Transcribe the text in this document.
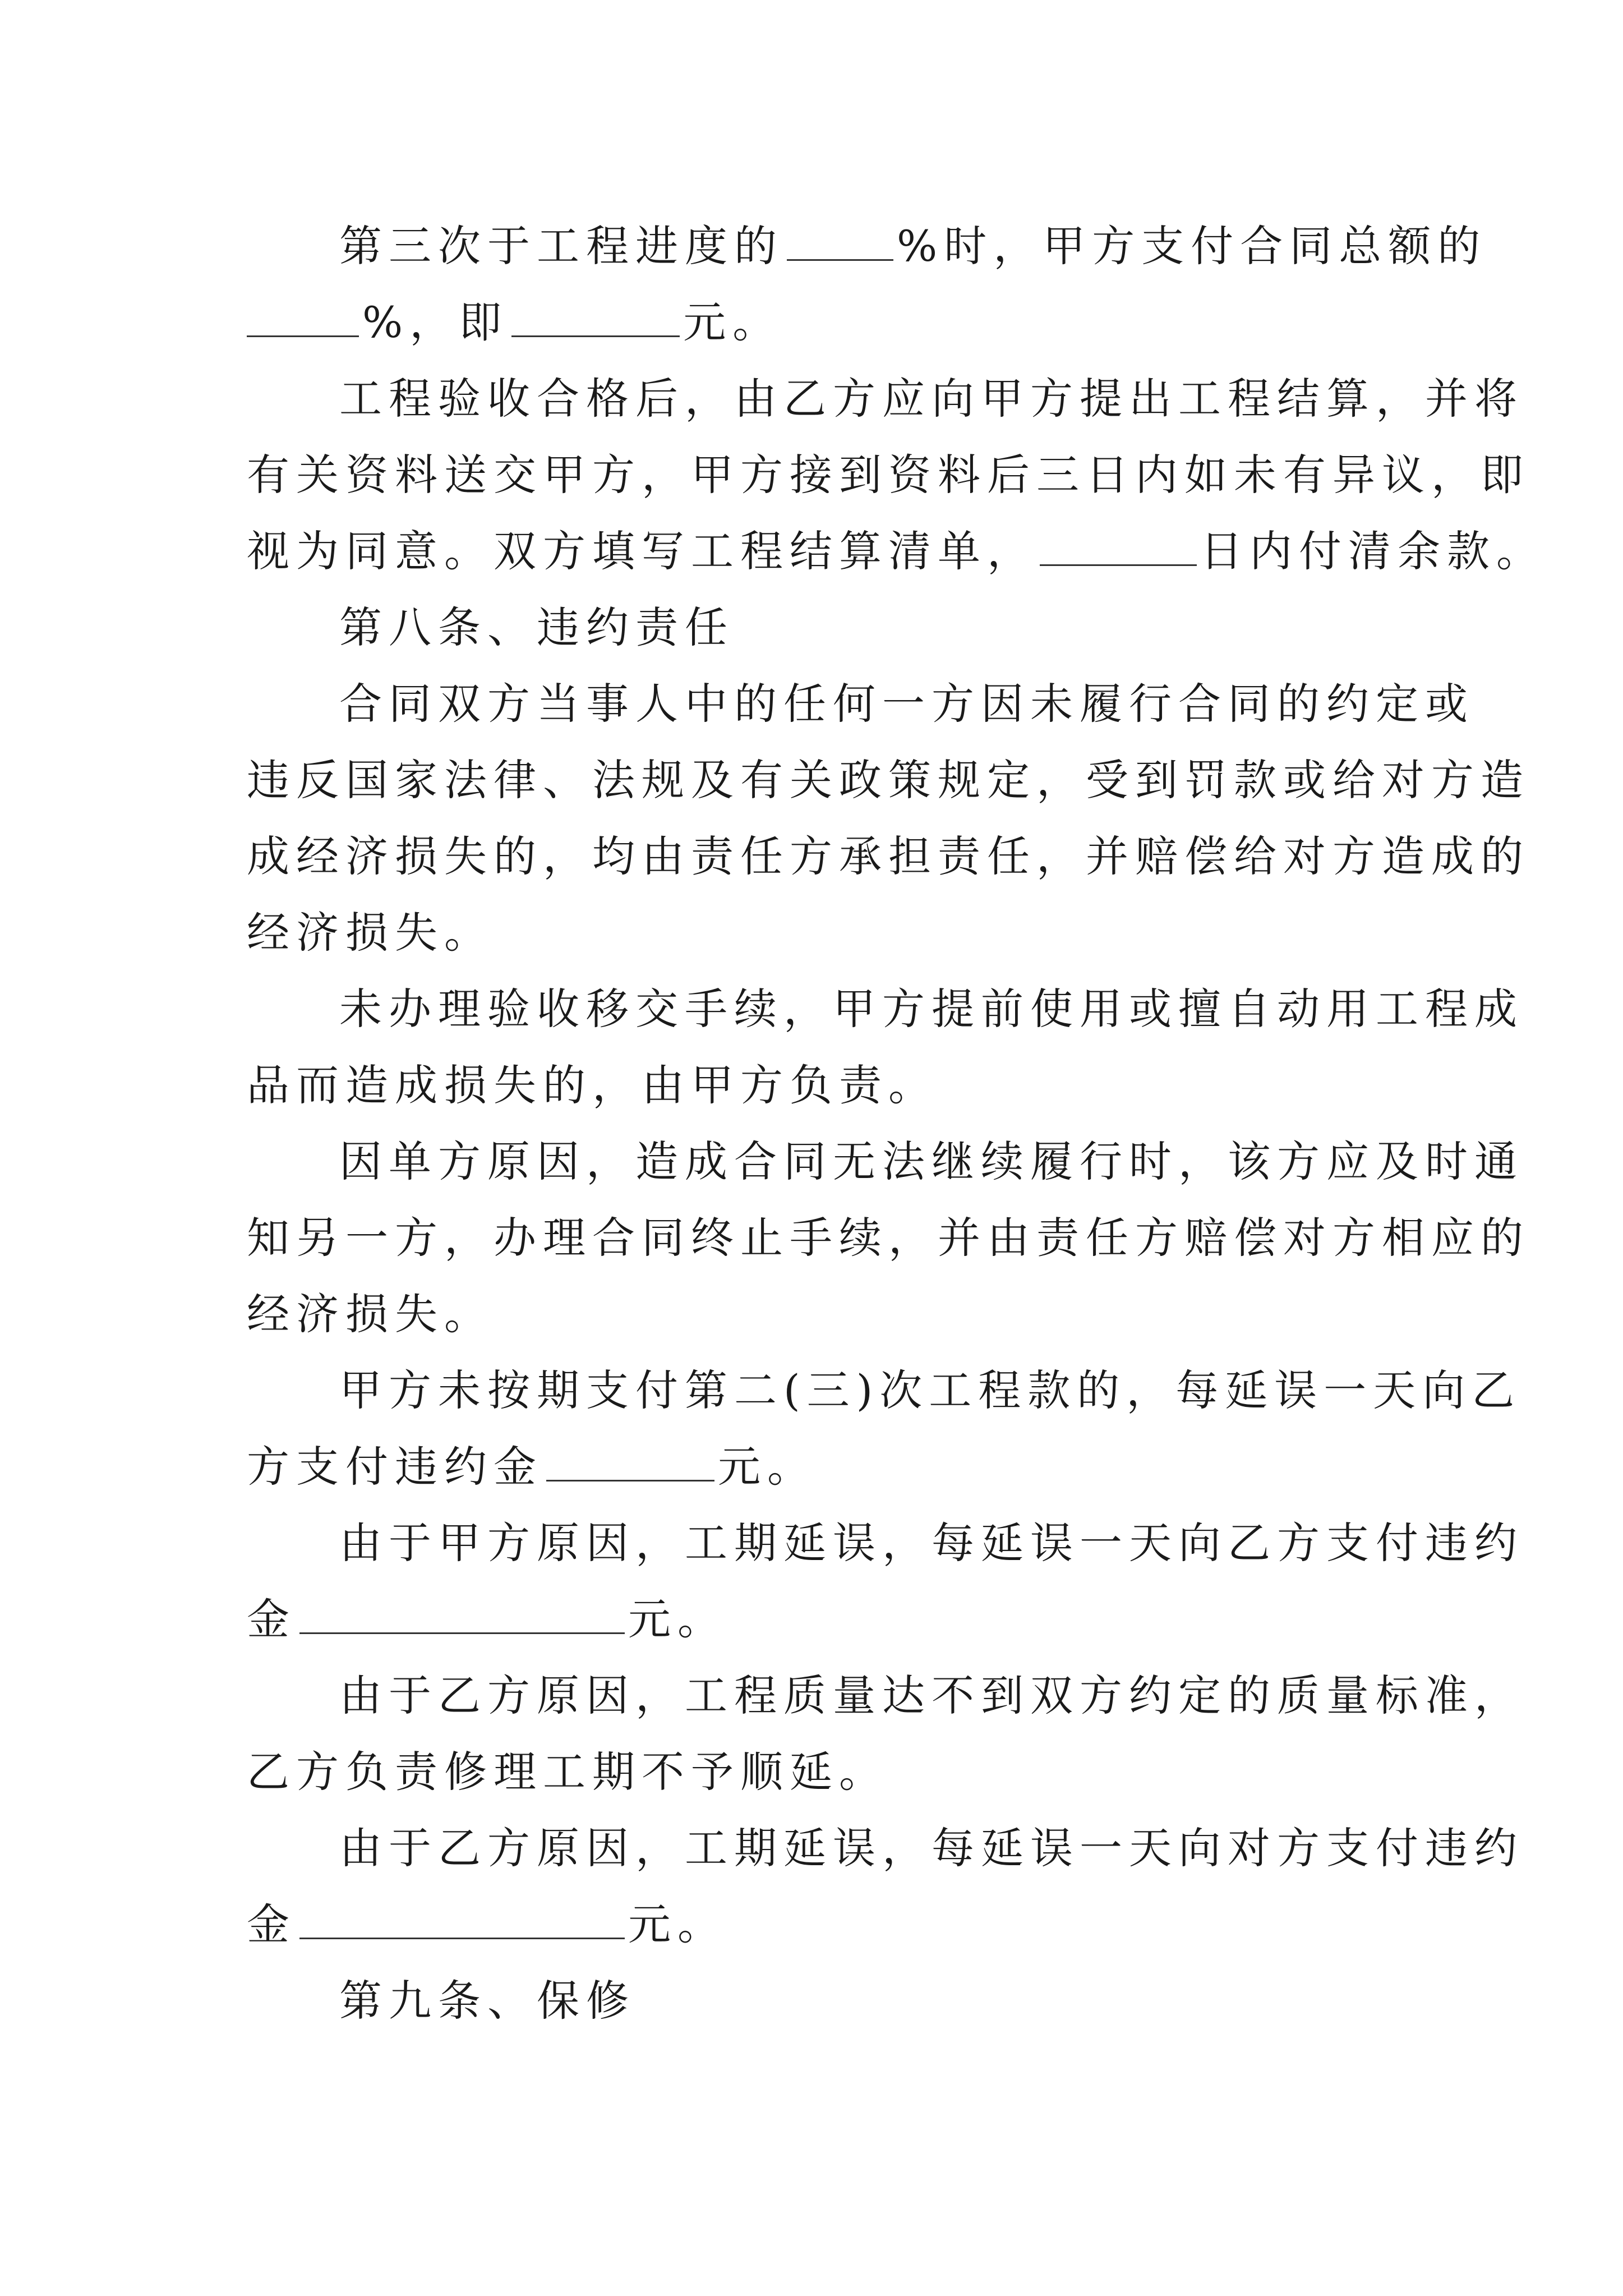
第三次于工程进度的	%时，甲方支付合同总额的
%，即	元。
工程验收合格后，由乙方应向甲方提出工程结算，并将
有关资料送交甲方，甲方接到资料后三日内如未有异议，即
视为同意。双方填写工程结算清单，	日内付清余款。
第八条、违约责任
合同双方当事人中的任何一方因未履行合同的约定或
违反国家法律、法规及有关政策规定，受到罚款或给对方造
成经济损失的，均由责任方承担责任，并赔偿给对方造成的
经济损失。
未办理验收移交手续，甲方提前使用或擅自动用工程成
品而造成损失的，由甲方负责。
因单方原因，造成合同无法继续履行时，该方应及时通
知另一方，办理合同终止手续，并由责任方赔偿对方相应的
经济损失。
甲方未按期支付第二(三)次工程款的，每延误一天向乙
方支付违约金	元。
由于甲方原因，工期延误，每延误一天向乙方支付违约
金	元。
由于乙方原因，工程质量达不到双方约定的质量标准，
乙方负责修理工期不予顺延。
由于乙方原因，工期延误，每延误一天向对方支付违约
金	元。
第九条、保修
